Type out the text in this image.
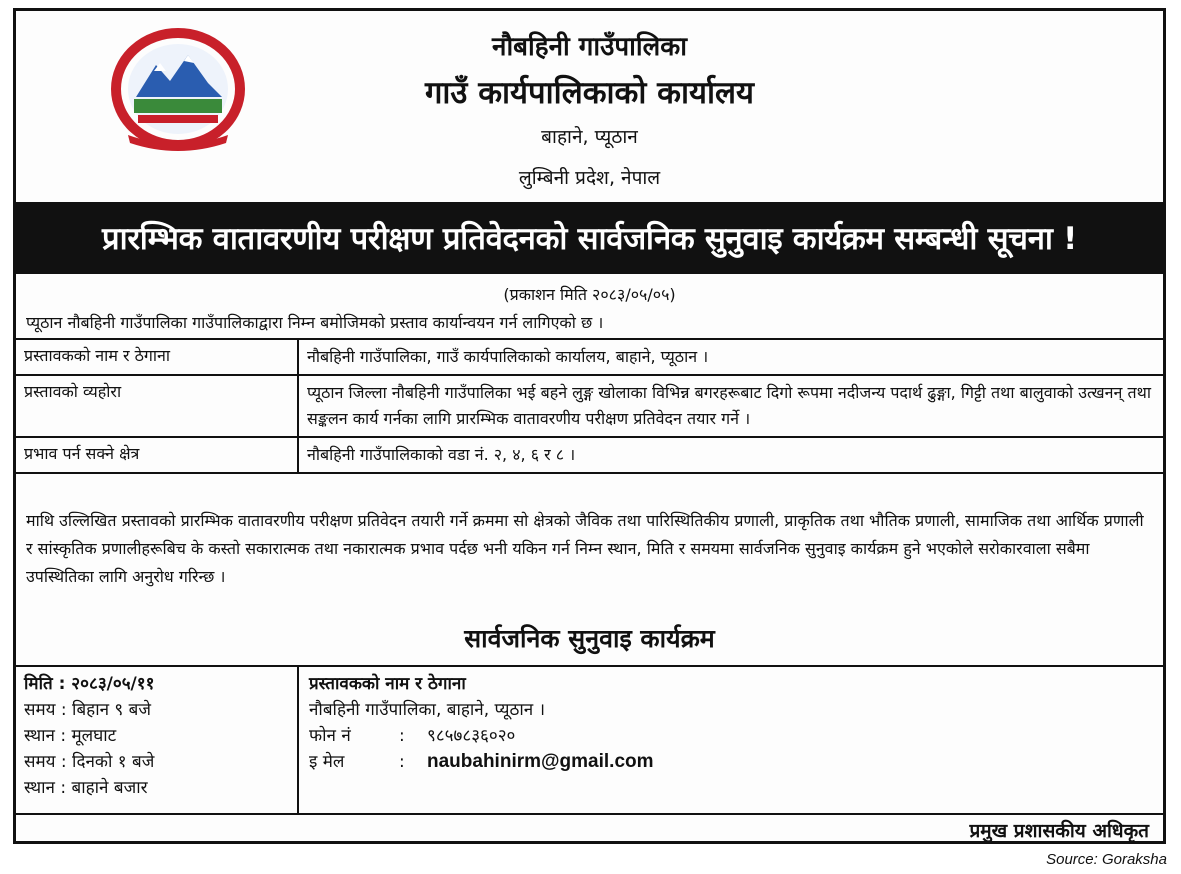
नौबहिनी गाउँपालिका
गाउँ कार्यपालिकाको कार्यालय
बाहाने, प्यूठान
लुम्बिनी प्रदेश, नेपाल
प्रारम्भिक वातावरणीय परीक्षण प्रतिवेदनको सार्वजनिक सुनुवाइ कार्यक्रम सम्बन्धी सूचना !
(प्रकाशन मिति २०८३/०५/०५)
प्यूठान नौबहिनी गाउँपालिका गाउँपालिकाद्वारा निम्न बमोजिमको प्रस्ताव कार्यान्वयन गर्न लागिएको छ ।
प्रस्तावकको नाम र ठेगाना	नौबहिनी गाउँपालिका, गाउँ कार्यपालिकाको कार्यालय, बाहाने, प्यूठान ।
प्रस्तावको व्यहोरा	प्यूठान जिल्ला नौबहिनी गाउँपालिका भई बहने लुङ्ग खोलाका विभिन्न बगरहरूबाट दिगो रूपमा नदीजन्य पदार्थ ढुङ्गा, गिट्टी तथा बालुवाको उत्खनन् तथा सङ्कलन कार्य गर्नका लागि प्रारम्भिक वातावरणीय परीक्षण प्रतिवेदन तयार गर्ने ।
प्रभाव पर्न सक्ने क्षेत्र	नौबहिनी गाउँपालिकाको वडा नं. २, ४, ६ र ८ ।
माथि उल्लिखित प्रस्तावको प्रारम्भिक वातावरणीय परीक्षण प्रतिवेदन तयारी गर्ने क्रममा सो क्षेत्रको जैविक तथा पारिस्थितिकीय प्रणाली, प्राकृतिक तथा भौतिक प्रणाली, सामाजिक तथा आर्थिक प्रणाली र सांस्कृतिक प्रणालीहरूबिच के कस्तो सकारात्मक तथा नकारात्मक प्रभाव पर्दछ भनी यकिन गर्न निम्न स्थान, मिति र समयमा सार्वजनिक सुनुवाइ कार्यक्रम हुने भएकोले सरोकारवाला सबैमा उपस्थितिका लागि अनुरोध गरिन्छ ।
सार्वजनिक सुनुवाइ कार्यक्रम
मिति : २०८३/०५/११
समय : बिहान ९ बजे
स्थान : मूलघाट
समय : दिनको १ बजे
स्थान : बाहाने बजार
प्रस्तावकको नाम र ठेगाना
नौबहिनी गाउँपालिका, बाहाने, प्यूठान ।
फोन नं	:	९८५७८३६०२०
इ मेल	:	naubahinirm@gmail.com
प्रमुख प्रशासकीय अधिकृत
Source: Goraksha
